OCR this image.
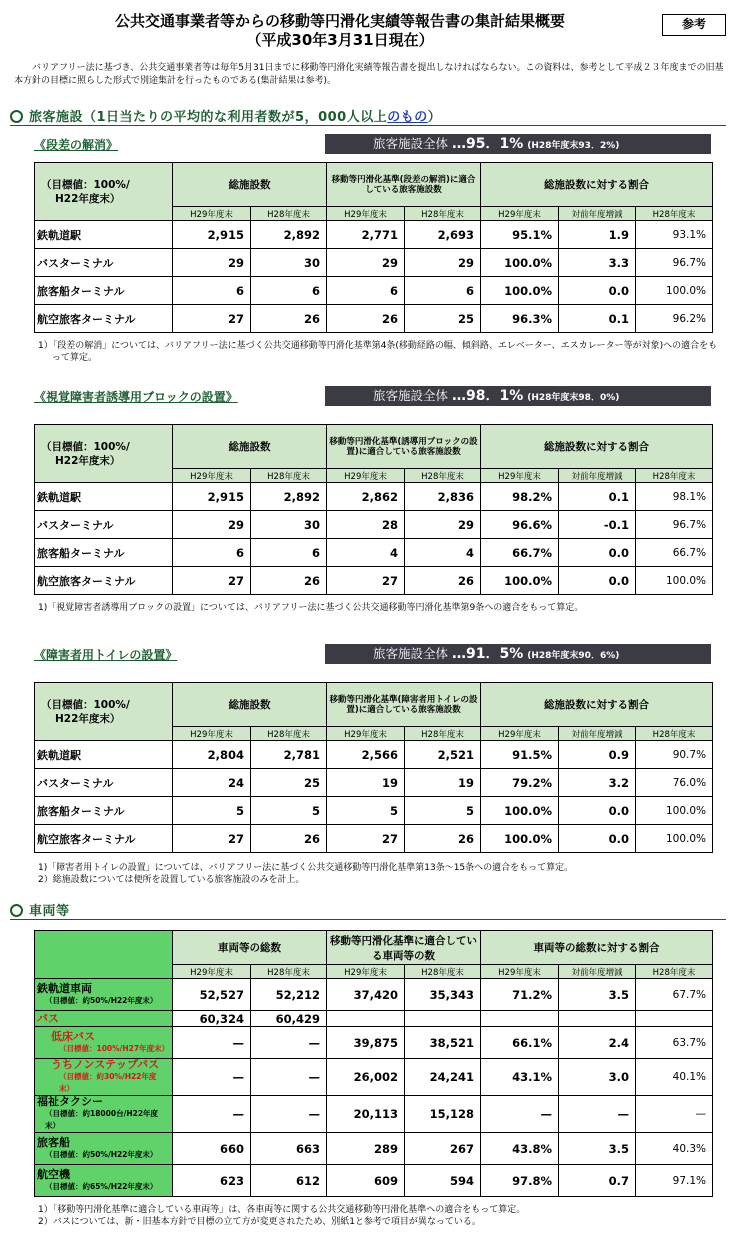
公共交通事業者等からの移動等円滑化実績等報告書の集計結果概要
（平成30年3月31日現在）
参考
バリアフリー法に基づき、公共交通事業者等は毎年5月31日までに移動等円滑化実績等報告書を提出しなければならない。この資料は、参考として平成２３年度までの旧基本方針の目標に照らした形式で別途集計を行ったものである(集計結果は参考)。
旅客施設（1日当たりの平均的な利用者数が5，000人以上のもの）
《段差の解消》	旅客施設全体 …95．1% (H28年度末93．2%)
（目標値：100%/
H22年度末）	総施設数		移動等円滑化基準(段差の解消)に適合している旅客施設数		総施設数に対する割合		
	H29年度末	H28年度末	H29年度末	H28年度末	H29年度末	対前年度増減	H28年度末
鉄軌道駅	2,915	2,892	2,771	2,693	95.1%	1.9	93.1%
バスターミナル	29	30	29	29	100.0%	3.3	96.7%
旅客船ターミナル	6	6	6	6	100.0%	0.0	100.0%
航空旅客ターミナル	27	26	26	25	96.3%	0.1	96.2%

1）「段差の解消」については、バリアフリー法に基づく公共交通移動等円滑化基準第4条(移動経路の幅、傾斜路、エレベーター、エスカレーター等が対象)への適合をもって算定。

《視覚障害者誘導用ブロックの設置》	旅客施設全体 …98．1% (H28年度末98．0%)
（目標値：100%/
H22年度末）	総施設数		移動等円滑化基準(誘導用ブロックの設置)に適合している旅客施設数		総施設数に対する割合		
	H29年度末	H28年度末	H29年度末	H28年度末	H29年度末	対前年度増減	H28年度末
鉄軌道駅	2,915	2,892	2,862	2,836	98.2%	0.1	98.1%
バスターミナル	29	30	28	29	96.6%	-0.1	96.7%
旅客船ターミナル	6	6	4	4	66.7%	0.0	66.7%
航空旅客ターミナル	27	26	27	26	100.0%	0.0	100.0%

1)「視覚障害者誘導用ブロックの設置」については、バリアフリー法に基づく公共交通移動等円滑化基準第9条への適合をもって算定。

《障害者用トイレの設置》	旅客施設全体 …91．5% (H28年度末90．6%)
（目標値：100%/
H22年度末）	総施設数		移動等円滑化基準(障害者用トイレの設置)に適合している旅客施設数		総施設数に対する割合		
	H29年度末	H28年度末	H29年度末	H28年度末	H29年度末	対前年度増減	H28年度末
鉄軌道駅	2,804	2,781	2,566	2,521	91.5%	0.9	90.7%
バスターミナル	24	25	19	19	79.2%	3.2	76.0%
旅客船ターミナル	5	5	5	5	100.0%	0.0	100.0%
航空旅客ターミナル	27	26	27	26	100.0%	0.0	100.0%

1)「障害者用トイレの設置」については、バリアフリー法に基づく公共交通移動等円滑化基準第13条～15条への適合をもって算定。

2）総施設数については便所を設置している旅客施設のみを計上。

車両等
	車両等の総数		移動等円滑化基準に適合している車両等の数		車両等の総数に対する割合		
	H29年度末	H28年度末	H29年度末	H28年度末	H29年度末	対前年度増減	H28年度末
鉄軌道車両
（目標値：約50%/H22年度末）	52,527	52,212	37,420	35,343	71.2%	3.5	67.7%
バス	60,324	60,429					
低床バス
（目標値：100%/H27年度末）	—	—	39,875	38,521	66.1%	2.4	63.7%
うちノンステップバス
（目標値：約30%/H22年度末）	—	—	26,002	24,241	43.1%	3.0	40.1%
福祉タクシー
（目標値：約18000台/H22年度末）	—	—	20,113	15,128	—	—	—
旅客船
（目標値：約50%/H22年度末）	660	663	289	267	43.8%	3.5	40.3%
航空機
（目標値：約65%/H22年度末）	623	612	609	594	97.8%	0.7	97.1%

1）「移動等円滑化基準に適合している車両等」は、各車両等に関する公共交通移動等円滑化基準への適合をもって算定。

2）バスについては、新・旧基本方針で目標の立て方が変更されたため、別紙1と参考で項目が異なっている。
